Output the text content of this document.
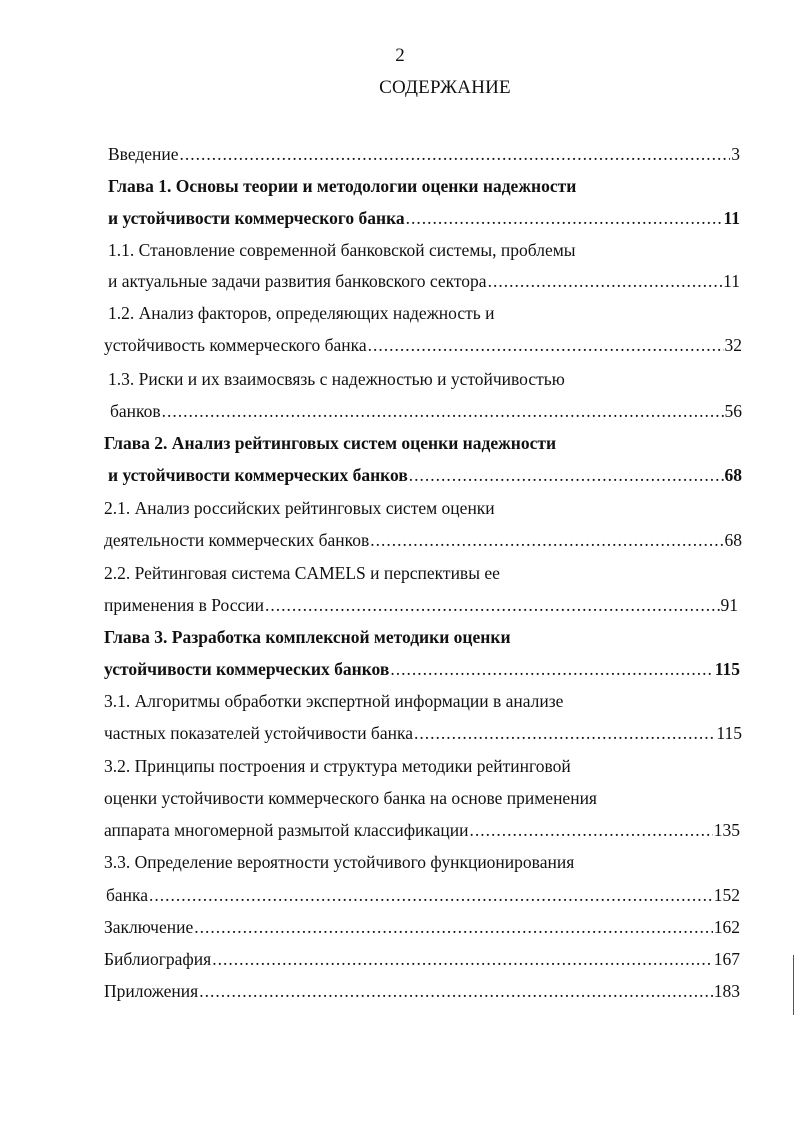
2
СОДЕРЖАНИЕ
Введение .....	3
Глава 1. Основы теории и методологии оценки надежности
и устойчивости коммерческого банка .....	11
1.1. Становление современной банковской системы, проблемы
и актуальные задачи развития банковского сектора .....	11
1.2. Анализ факторов, определяющих надежность и
устойчивость коммерческого банка .....	32
1.3. Риски и их взаимосвязь с надежностью и устойчивостью
банков .....	56
Глава 2. Анализ рейтинговых систем оценки надежности
и устойчивости коммерческих банков .....	68
2.1. Анализ российских рейтинговых систем оценки
деятельности коммерческих банков .....	68
2.2. Рейтинговая система CAMELS и перспективы ее
применения в России .....	91
Глава 3. Разработка комплексной методики оценки
устойчивости коммерческих банков .....	115
3.1. Алгоритмы обработки экспертной информации в анализе
частных показателей устойчивости банка .....	115
3.2. Принципы построения и структура методики рейтинговой
оценки устойчивости коммерческого банка на основе применения
аппарата многомерной размытой классификации .....	135
3.3. Определение вероятности устойчивого функционирования
банка .....	152
Заключение .....	162
Библиография .....	167
Приложения .....	183
